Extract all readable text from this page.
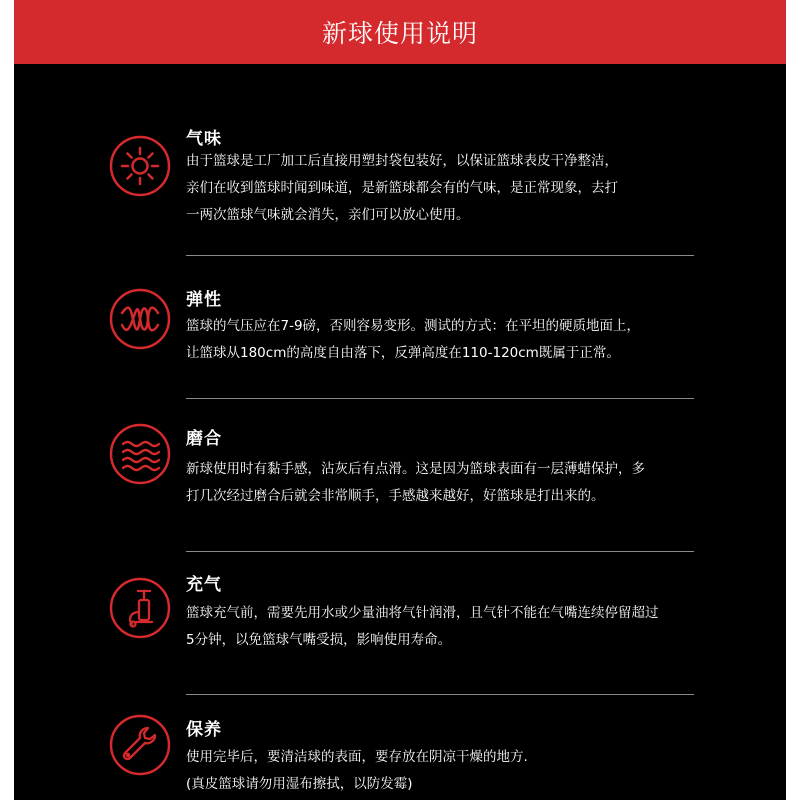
新球使用说明
气味
由于篮球是工厂加工后直接用塑封袋包装好，以保证篮球表皮干净整洁，
亲们在收到篮球时闻到味道，是新篮球都会有的气味，是正常现象，去打
一两次篮球气味就会消失，亲们可以放心使用。
弹性
篮球的气压应在7-9磅，否则容易变形。测试的方式：在平坦的硬质地面上，
让篮球从180cm的高度自由落下，反弹高度在110-120cm既属于正常。
磨合
新球使用时有黏手感，沾灰后有点滑。这是因为篮球表面有一层薄蜡保护，多
打几次经过磨合后就会非常顺手，手感越来越好，好篮球是打出来的。
充气
篮球充气前，需要先用水或少量油将气针润滑，且气针不能在气嘴连续停留超过
5分钟，以免篮球气嘴受损，影响使用寿命。
保养
使用完毕后，要清洁球的表面，要存放在阴凉干燥的地方.
(真皮篮球请勿用湿布擦拭，以防发霉)
